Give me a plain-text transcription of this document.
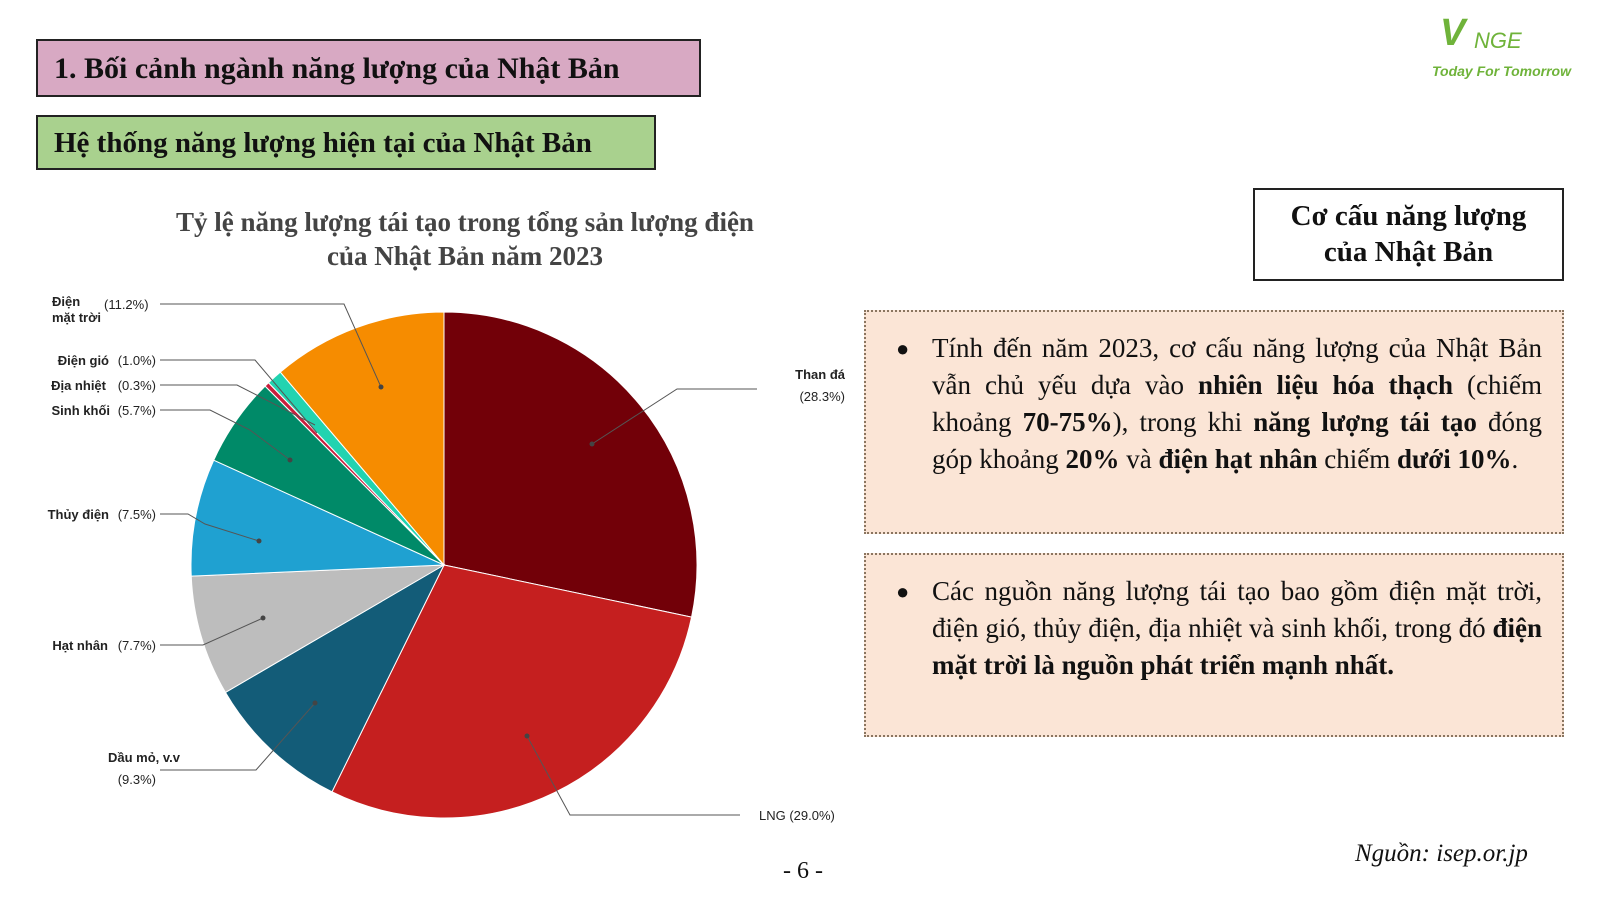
1. Bối cảnh ngành năng lượng của Nhật Bản
Hệ thống năng lượng hiện tại của Nhật Bản
V NGE
Today For Tomorrow
Tỷ lệ năng lượng tái tạo trong tổng sản lượng điện
của Nhật Bản năm 2023
Than đá
(28.3%)
LNG (29.0%)
Dầu mỏ, v.v
(9.3%)
Hạt nhân (7.7%)
Thủy điện (7.5%)
Sinh khối (5.7%)
Địa nhiệt (0.3%)
Điện gió (1.0%)
Điện
mặt trời
(11.2%)
Cơ cấu năng lượng
của Nhật Bản
● Tính đến năm 2023, cơ cấu năng lượng của Nhật Bản vẫn chủ yếu dựa vào nhiên liệu hóa thạch (chiếm khoảng 70-75%), trong khi năng lượng tái tạo đóng góp khoảng 20% và điện hạt nhân chiếm dưới 10%.
● Các nguồn năng lượng tái tạo bao gồm điện mặt trời, điện gió, thủy điện, địa nhiệt và sinh khối, trong đó điện mặt trời là nguồn phát triển mạnh nhất.
Nguồn: isep.or.jp
- 6 -
